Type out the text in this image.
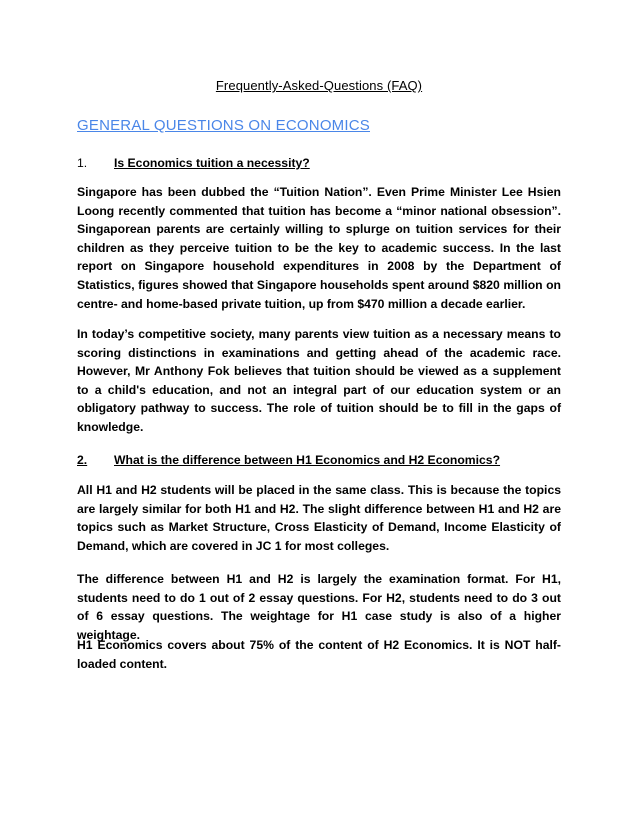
Frequently-Asked-Questions (FAQ)
GENERAL QUESTIONS ON ECONOMICS
1. Is Economics tuition a necessity?

Singapore has been dubbed the “Tuition Nation”. Even Prime Minister Lee Hsien Loong recently commented that tuition has become a “minor national obsession”. Singaporean parents are certainly willing to splurge on tuition services for their children as they perceive tuition to be the key to academic success. In the last report on Singapore household expenditures in 2008 by the Department of Statistics, figures showed that Singapore households spent around $820 million on centre- and home-based private tuition, up from $470 million a decade earlier.

In today’s competitive society, many parents view tuition as a necessary means to scoring distinctions in examinations and getting ahead of the academic race. However, Mr Anthony Fok believes that tuition should be viewed as a supplement to a child's education, and not an integral part of our education system or an obligatory pathway to success. The role of tuition should be to fill in the gaps of knowledge.

2. What is the difference between H1 Economics and H2 Economics?

All H1 and H2 students will be placed in the same class. This is because the topics are largely similar for both H1 and H2. The slight difference between H1 and H2 are topics such as Market Structure, Cross Elasticity of Demand, Income Elasticity of Demand, which are covered in JC 1 for most colleges.

The difference between H1 and H2 is largely the examination format. For H1, students need to do 1 out of 2 essay questions. For H2, students need to do 3 out of 6 essay questions. The weightage for H1 case study is also of a higher weightage.

H1 Economics covers about 75% of the content of H2 Economics. It is NOT half-loaded content.
